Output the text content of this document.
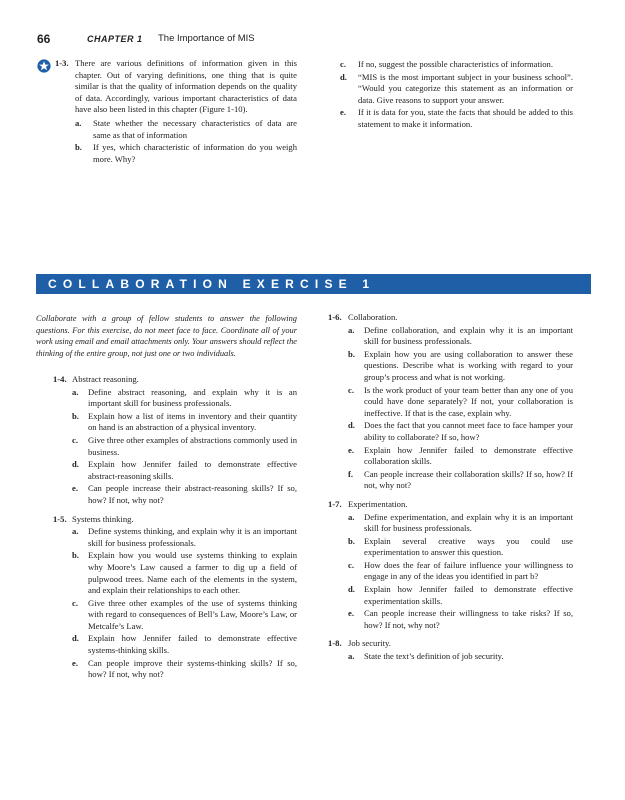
66	CHAPTER 1 The Importance of MIS
1-3. There are various definitions of information given in this chapter. Out of varying definitions, one thing that is quite similar is that the quality of information depends on the quality of data. Accordingly, various important characteristics of data have also been listed in this chapter (Figure 1-10).
a. State whether the necessary characteristics of data are same as that of information
b. If yes, which characteristic of information do you weigh more. Why?
c. If no, suggest the possible characteristics of information.
d. “MIS is the most important subject in your business school”. “Would you categorize this statement as an information or data. Give reasons to support your answer.
e. If it is data for you, state the facts that should be added to this statement to make it information.
COLLABORATION EXERCISE 1
Collaborate with a group of fellow students to answer the following questions. For this exercise, do not meet face to face. Coordinate all of your work using email and email attachments only. Your answers should reflect the thinking of the entire group, not just one or two individuals.
1-4. Abstract reasoning.
a. Define abstract reasoning, and explain why it is an important skill for business professionals.
b. Explain how a list of items in inventory and their quantity on hand is an abstraction of a physical inventory.
c. Give three other examples of abstractions commonly used in business.
d. Explain how Jennifer failed to demonstrate effective abstract-reasoning skills.
e. Can people increase their abstract-reasoning skills? If so, how? If not, why not?
1-5. Systems thinking.
a. Define systems thinking, and explain why it is an important skill for business professionals.
b. Explain how you would use systems thinking to explain why Moore’s Law caused a farmer to dig up a field of pulpwood trees. Name each of the elements in the system, and explain their relationships to each other.
c. Give three other examples of the use of systems thinking with regard to consequences of Bell’s Law, Moore’s Law, or Metcalfe’s Law.
d. Explain how Jennifer failed to demonstrate effective systems-thinking skills.
e. Can people improve their systems-thinking skills? If so, how? If not, why not?
1-6. Collaboration.
a. Define collaboration, and explain why it is an important skill for business professionals.
b. Explain how you are using collaboration to answer these questions. Describe what is working with regard to your group’s process and what is not working.
c. Is the work product of your team better than any one of you could have done separately? If not, your collaboration is ineffective. If that is the case, explain why.
d. Does the fact that you cannot meet face to face hamper your ability to collaborate? If so, how?
e. Explain how Jennifer failed to demonstrate effective collaboration skills.
f. Can people increase their collaboration skills? If so, how? If not, why not?
1-7. Experimentation.
a. Define experimentation, and explain why it is an important skill for business professionals.
b. Explain several creative ways you could use experimentation to answer this question.
c. How does the fear of failure influence your willingness to engage in any of the ideas you identified in part b?
d. Explain how Jennifer failed to demonstrate effective experimentation skills.
e. Can people increase their willingness to take risks? If so, how? If not, why not?
1-8. Job security.
a. State the text’s definition of job security.
